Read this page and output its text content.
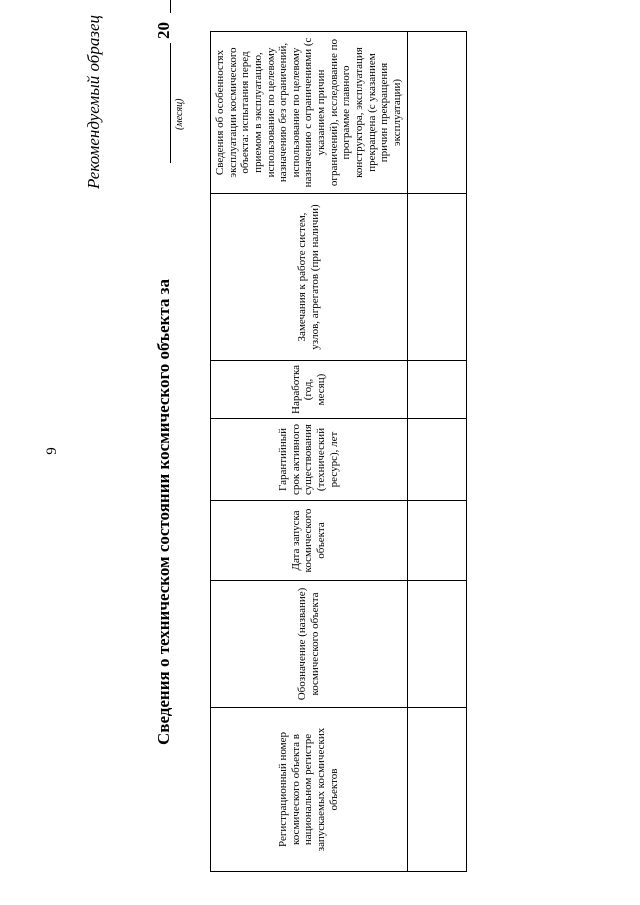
9
Рекомендуемый образец
Сведения о техническом состоянии космического объекта за
(месяц)
20
Регистрационный номер космического объекта в национальном регистре запускаемых космических объектов	Обозначение (название) космического объекта	Дата запуска космического объекта	Гарантийный срок активного существования (технический ресурс), лет	Наработка (год, месяц)	Замечания к работе систем, узлов, агрегатов (при наличии)	Сведения об особенностях эксплуатации космического объекта: испытания перед приемом в эксплуатацию, использование по целевому назначению без ограничений, использование по целевому назначению с ограничениями (с указанием причин ограничений), исследование по программе главного конструктора, эксплуатация прекращена (с указанием причин прекращения эксплуатации)
